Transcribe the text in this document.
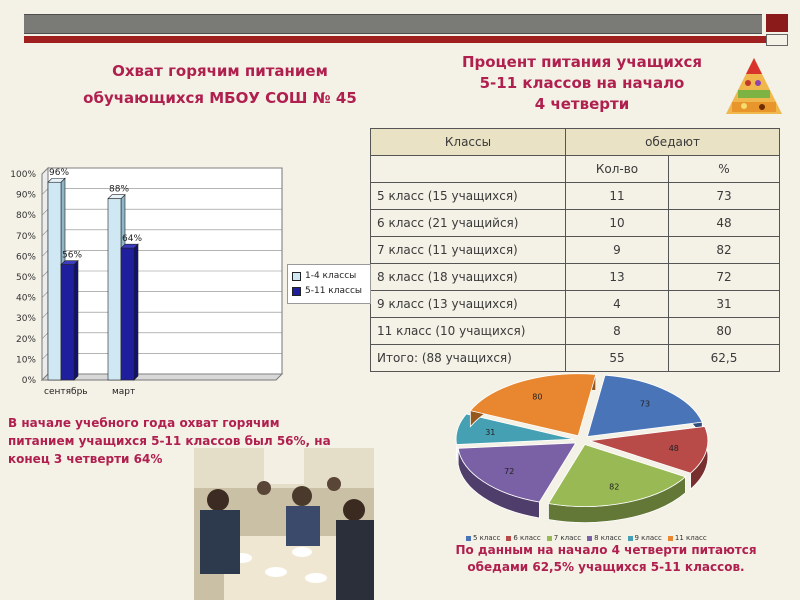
Охват горячим питанием
обучающихся МБОУ СОШ № 45
Процент питания учащихся
5-11 классов на начало
4 четверти
Классы	обедают	
	Кол-во	%
5 класс (15 учащихся)	11	73
6 класс (21 учащийся)	10	48
7 класс (11 учащихся)	9	82
8 класс (18 учащихся)	13	72
9 класс (13 учащихся)	4	31
11 класс (10 учащихся)	8	80
Итого: (88 учащихся)	55	62,5
0%
10%
20%
30%
40%
50%
60%
70%
80%
90%
100% 96%
56%
сентябрь
88%
64%
март
1-4 классы
5-11 классы
В начале учебного года охват горячим питанием учащихся 5-11 классов был 56%, на конец 3 четверти 64%
73
48
82
72
31
80
5 класс	6 класс	7 класс	8 класс	9 класс	11 класс
По данным на начало 4 четверти питаются обедами 62,5% учащихся 5-11 классов.
